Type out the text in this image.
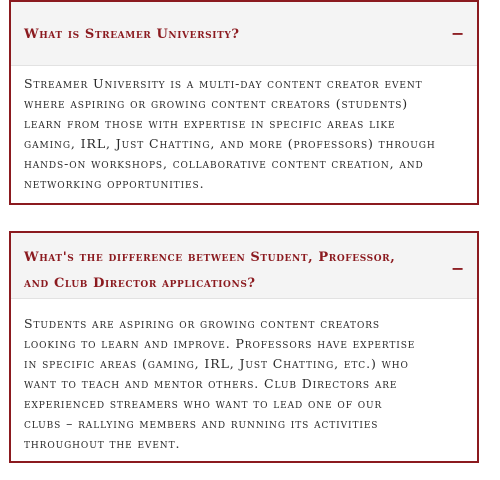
What is Streamer University?	−
Streamer University is a multi-day content creator event
where aspiring or growing content creators (students)
learn from those with expertise in specific areas like
gaming, IRL, Just Chatting, and more (professors) through
hands-on workshops, collaborative content creation, and
networking opportunities.
What's the difference between Student, Professor,
and Club Director applications?
−
Students are aspiring or growing content creators
looking to learn and improve. Professors have expertise
in specific areas (gaming, IRL, Just Chatting, etc.) who
want to teach and mentor others. Club Directors are
experienced streamers who want to lead one of our
clubs – rallying members and running its activities
throughout the event.
